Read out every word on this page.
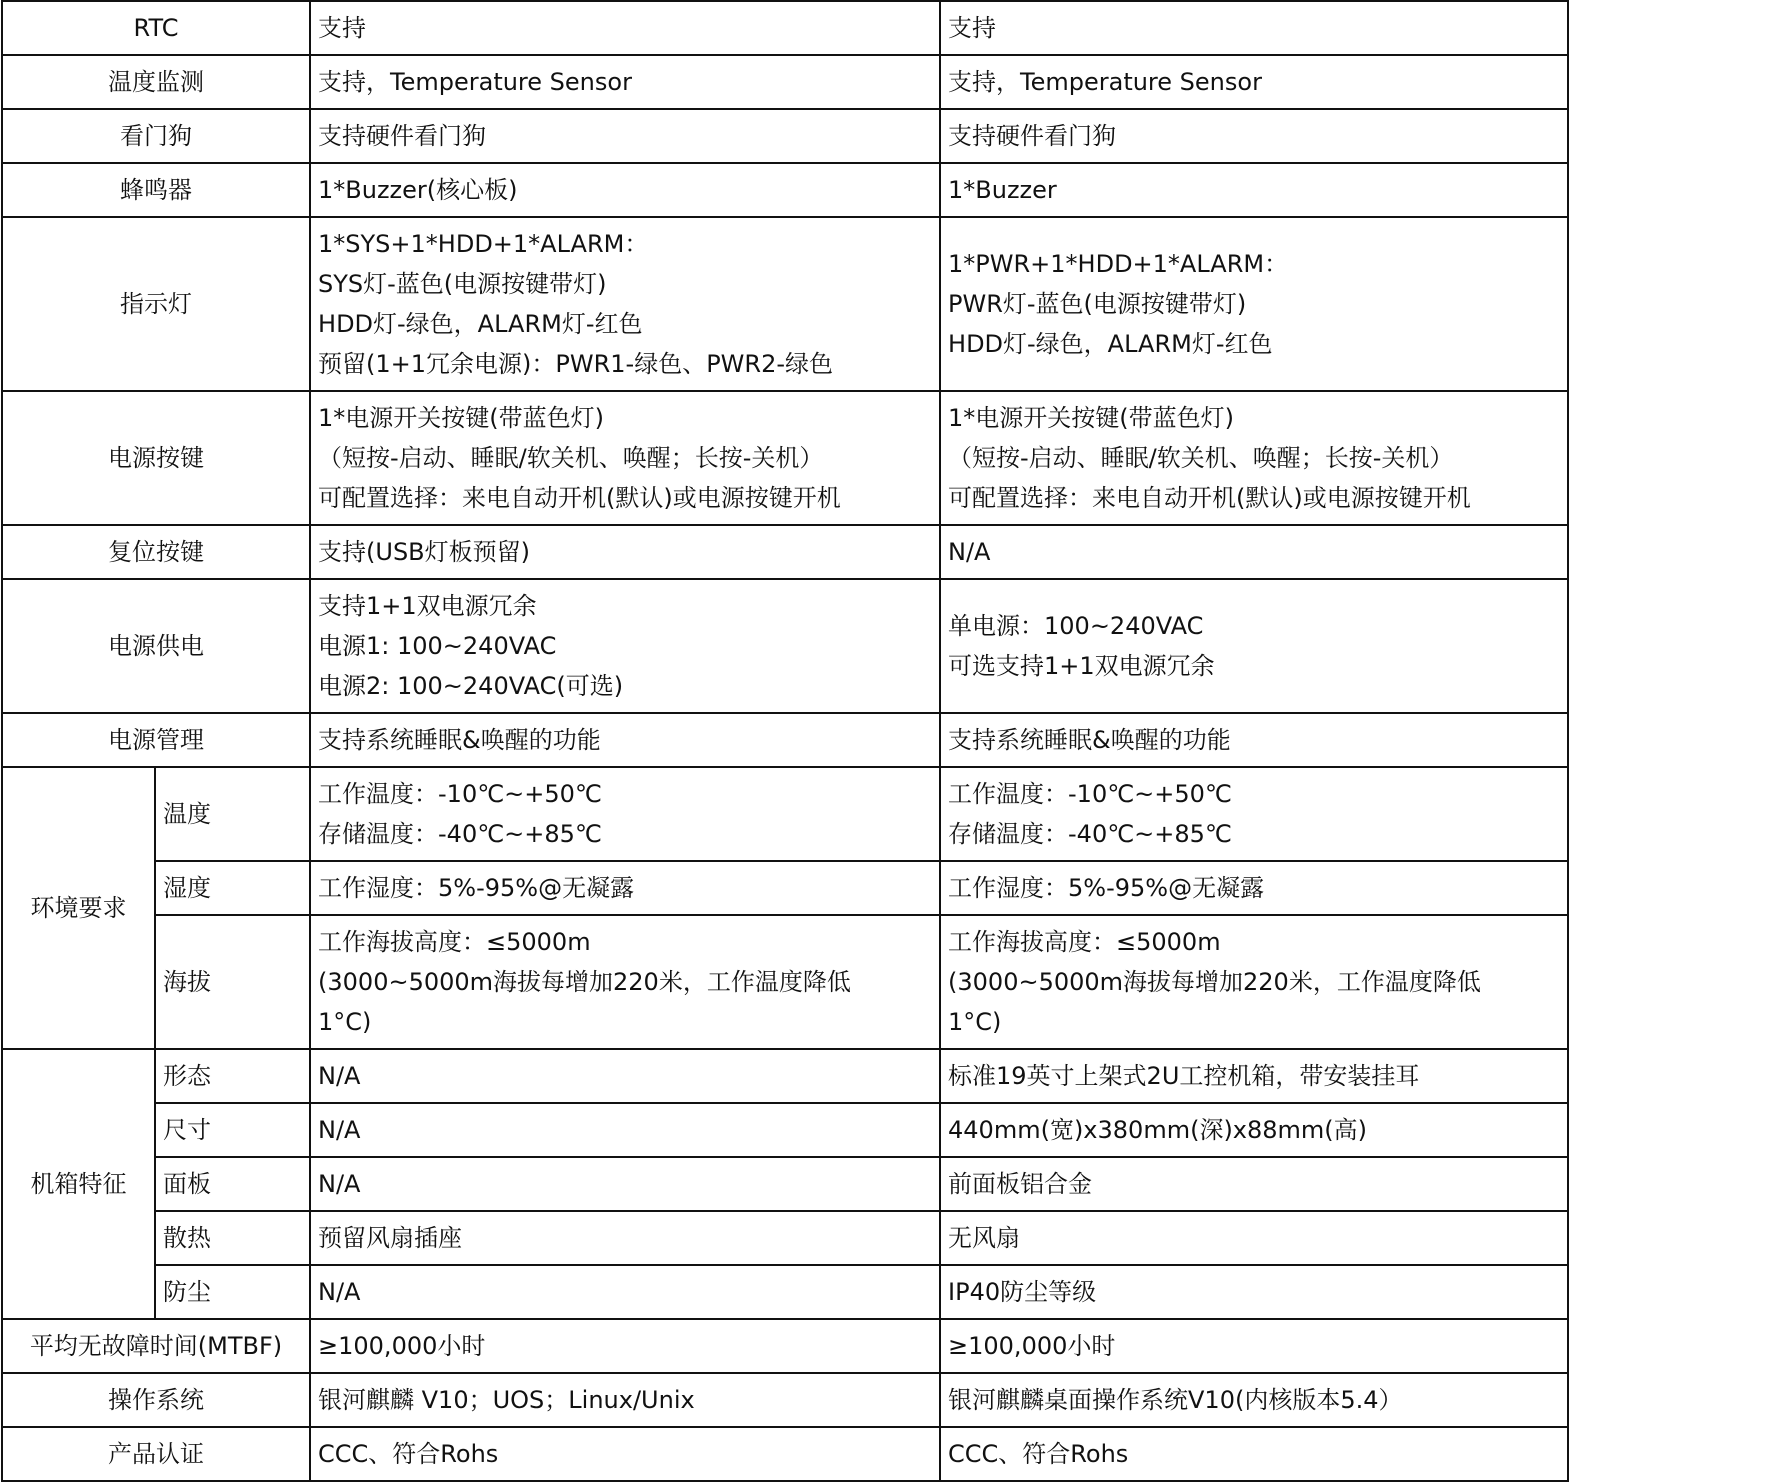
RTC		支持	支持

温度监测		支持，Temperature Sensor	支持，Temperature Sensor

看门狗		支持硬件看门狗	支持硬件看门狗

蜂鸣器		1*Buzzer(核心板)	1*Buzzer

指示灯		1*SYS+1*HDD+1*ALARM：
SYS灯-蓝色(电源按键带灯)
HDD灯-绿色，ALARM灯-红色
预留(1+1冗余电源)：PWR1-绿色、PWR2-绿色	1*PWR+1*HDD+1*ALARM：
PWR灯-蓝色(电源按键带灯)
HDD灯-绿色，ALARM灯-红色

电源按键		1*电源开关按键(带蓝色灯)
（短按-启动、睡眠/软关机、唤醒；长按-关机）
可配置选择：来电自动开机(默认)或电源按键开机	1*电源开关按键(带蓝色灯)
（短按-启动、睡眠/软关机、唤醒；长按-关机）
可配置选择：来电自动开机(默认)或电源按键开机

复位按键		支持(USB灯板预留)	N/A

电源供电		支持1+1双电源冗余
电源1: 100~240VAC
电源2: 100~240VAC(可选)	单电源：100~240VAC
可选支持1+1双电源冗余

电源管理		支持系统睡眠&唤醒的功能	支持系统睡眠&唤醒的功能

环境要求	温度	工作温度：-10℃~+50℃
存储温度：-40℃~+85℃	工作温度：-10℃~+50℃
存储温度：-40℃~+85℃

	湿度	工作湿度：5%-95%@无凝露	工作湿度：5%-95%@无凝露

	海拔	工作海拔高度：≤5000m
(3000~5000m海拔每增加220米，工作温度降低
1°C)	工作海拔高度：≤5000m
(3000~5000m海拔每增加220米，工作温度降低
1°C)

机箱特征	形态	N/A	标准19英寸上架式2U工控机箱，带安装挂耳

	尺寸	N/A	440mm(宽)x380mm(深)x88mm(高)

	面板	N/A	前面板铝合金

	散热	预留风扇插座	无风扇

	防尘	N/A	IP40防尘等级

平均无故障时间(MTBF)		≥100,000小时	≥100,000小时

操作系统		银河麒麟 V10；UOS；Linux/Unix	银河麒麟桌面操作系统V10(内核版本5.4）

产品认证		CCC、符合Rohs	CCC、符合Rohs
